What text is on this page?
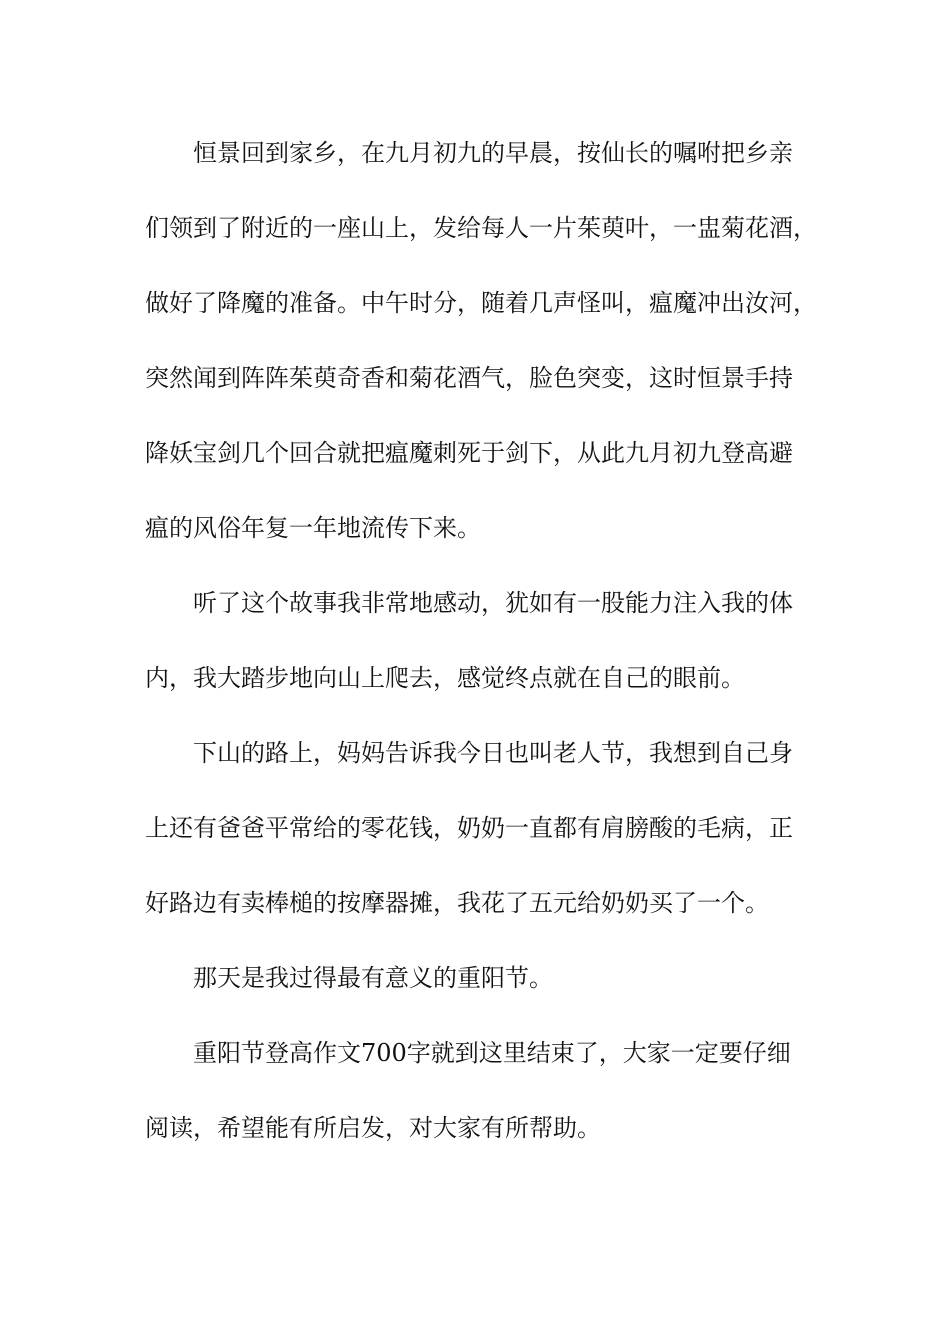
恒景回到家乡，在九月初九的早晨，按仙长的嘱咐把乡亲
们领到了附近的一座山上，发给每人一片茱萸叶，一盅菊花酒，
做好了降魔的准备。中午时分，随着几声怪叫，瘟魔冲出汝河，
突然闻到阵阵茱萸奇香和菊花酒气，脸色突变，这时恒景手持
降妖宝剑几个回合就把瘟魔刺死于剑下，从此九月初九登高避
瘟的风俗年复一年地流传下来。
听了这个故事我非常地感动，犹如有一股能力注入我的体
内，我大踏步地向山上爬去，感觉终点就在自己的眼前。
下山的路上，妈妈告诉我今日也叫老人节，我想到自己身
上还有爸爸平常给的零花钱，奶奶一直都有肩膀酸的毛病，正
好路边有卖棒槌的按摩器摊，我花了五元给奶奶买了一个。
那天是我过得最有意义的重阳节。
重阳节登高作文700字就到这里结束了，大家一定要仔细
阅读，希望能有所启发，对大家有所帮助。
